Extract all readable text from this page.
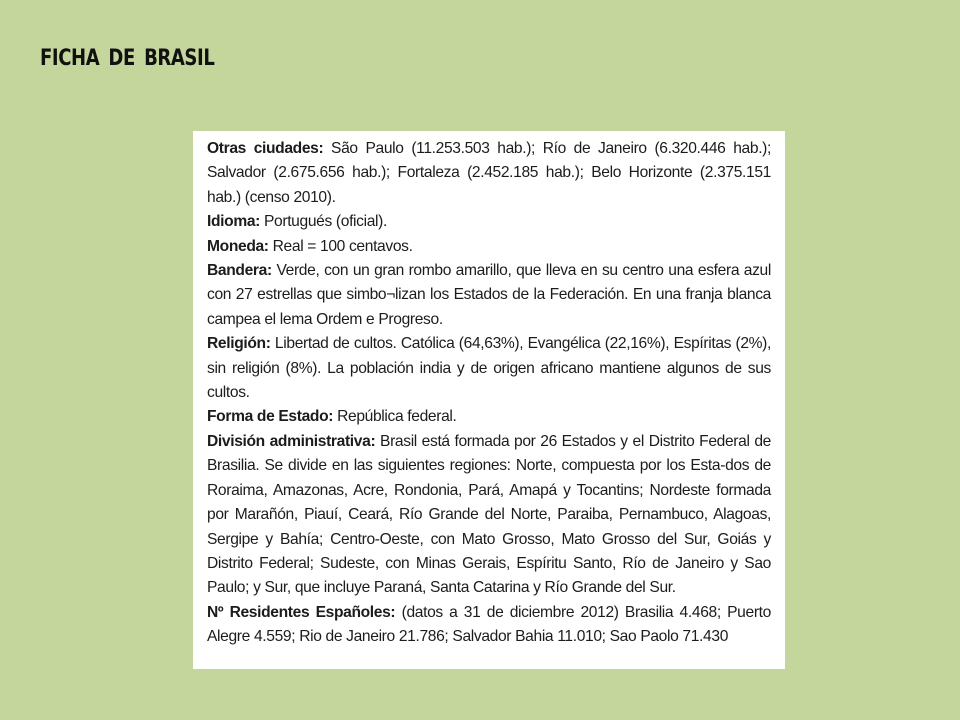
FICHA DE BRASIL

Otras ciudades: São Paulo (11.253.503 hab.); Río de Janeiro (6.320.446 hab.); Salvador (2.675.656 hab.); Fortaleza (2.452.185 hab.); Belo Horizonte (2.375.151 hab.) (censo 2010).

Idioma: Portugués (oficial).

Moneda: Real = 100 centavos.

Bandera: Verde, con un gran rombo amarillo, que lleva en su centro una esfera azul con 27 estrellas que simbo¬lizan los Estados de la Federación. En una franja blanca campea el lema Ordem e Progreso.

Religión: Libertad de cultos. Católica (64,63%), Evangélica (22,16%), Espíritas (2%), sin religión (8%). La población india y de origen africano mantiene algunos de sus cultos.

Forma de Estado: República federal.

División administrativa: Brasil está formada por 26 Estados y el Distrito Federal de Brasilia. Se divide en las siguientes regiones: Norte, compuesta por los Esta-dos de Roraima, Amazonas, Acre, Rondonia, Pará, Amapá y Tocantins; Nordeste formada por Marañón, Piauí, Ceará, Río Grande del Norte, Paraiba, Pernambuco, Alagoas, Sergipe y Bahía; Centro-Oeste, con Mato Grosso, Mato Grosso del Sur, Goiás y Distrito Federal; Sudeste, con Minas Gerais, Espíritu Santo, Río de Janeiro y Sao Paulo; y Sur, que incluye Paraná, Santa Catarina y Río Grande del Sur.

Nº Residentes Españoles: (datos a 31 de diciembre 2012) Brasilia 4.468; Puerto Alegre 4.559; Rio de Janeiro 21.786; Salvador Bahia 11.010; Sao Paolo 71.430
